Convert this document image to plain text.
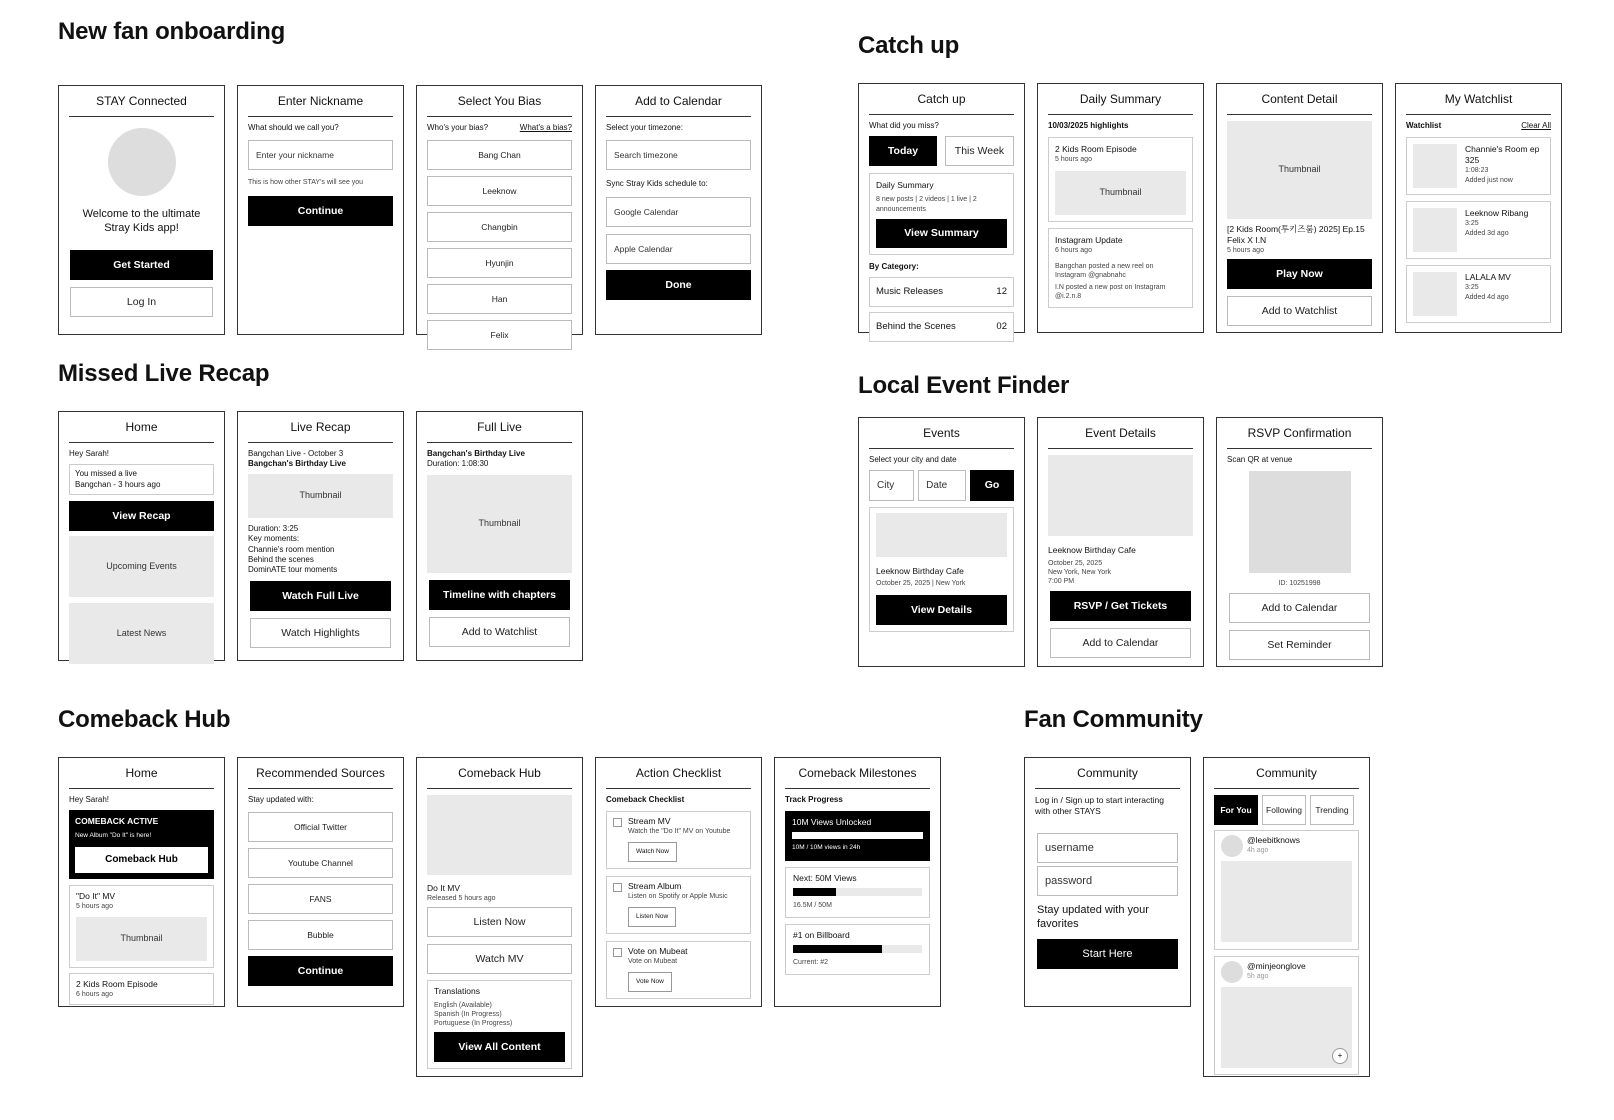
New fan onboarding
Catch up
Missed Live Recap	Local Event Finder
Comeback Hub	Fan Community
STAY Connected
Welcome to the ultimate Stray Kids app!
Get Started
Log In
Enter Nickname
What should we call you?
Enter your nickname
This is how other STAY's will see you
Continue
Select You Bias
Who's your bias?	What's a bias?
Bang Chan
Leeknow
Changbin
Hyunjin
Han
Felix
Add to Calendar
Select your timezone:
Search timezone
Sync Stray Kids schedule to:
Google Calendar
Apple Calendar
Done
Catch up
What did you miss?
Today	This Week
Daily Summary
8 new posts | 2 videos | 1 live | 2 announcements
View Summary
By Category:
Music Releases	12
Behind the Scenes	02
Daily Summary
10/03/2025 highlights
2 Kids Room Episode
5 hours ago
Thumbnail
Instagram Update
6 hours ago
Bangchan posted a new reel on Instagram @gnabnahc
I.N posted a new post on Instagram @i.2.n.8
Content Detail
Thumbnail
[2 Kids Room(투키즈룸) 2025] Ep.15 Felix X I.N
5 hours ago
Play Now
Add to Watchlist
My Watchlist
Watchlist	Clear All
Channie's Room ep 325
1:08:23
Added just now
Leeknow Ribang
3:25
Added 3d ago
LALALA MV
3:25
Added 4d ago
Home
Hey Sarah!
You missed a live
Bangchan - 3 hours ago
View Recap
Upcoming Events
Latest News
Live Recap
Bangchan Live - October 3
Bangchan's Birthday Live
Thumbnail
Duration: 3:25
Key moments:
Channie's room mention
Behind the scenes
DominATE tour moments
Watch Full Live
Watch Highlights
Full Live
Bangchan's Birthday Live
Duration: 1:08:30
Thumbnail
Timeline with chapters
Add to Watchlist
Events
Select your city and date
City	Date	Go
Leeknow Birthday Cafe
October 25, 2025 | New York
View Details
Event Details
Leeknow Birthday Cafe
October 25, 2025
New York, New York
7:00 PM
RSVP / Get Tickets
Add to Calendar
RSVP Confirmation
Scan QR at venue
ID: 10251998
Add to Calendar
Set Reminder
Home
Hey Sarah!
COMEBACK ACTIVE
New Album "Do It" is here!
Comeback Hub
"Do It" MV
5 hours ago
Thumbnail
2 Kids Room Episode
6 hours ago
Recommended Sources
Stay updated with:
Official Twitter
Youtube Channel
FANS
Bubble
Continue
Comeback Hub
Do It MV
Released 5 hours ago
Listen Now
Watch MV
Translations
English (Available)
Spanish (In Progress)
Portuguese (In Progress)
View All Content
Action Checklist
Comeback Checklist
Stream MV
Watch the "Do It" MV on Youtube
Watch Now
Stream Album
Listen on Spotify or Apple Music
Listen Now
Vote on Mubeat
Vote on Mubeat
Vote Now
Comeback Milestones
Track Progress
10M Views Unlocked
10M / 10M views in 24h
Next: 50M Views
16.5M / 50M
#1 on Billboard
Current: #2
Community
Log in / Sign up to start interacting with other STAYS
username
password
Stay updated with your favorites
Start Here
Community
For You	Following	Trending
@leebitknows
4h ago
@minjeonglove
5h ago
+
